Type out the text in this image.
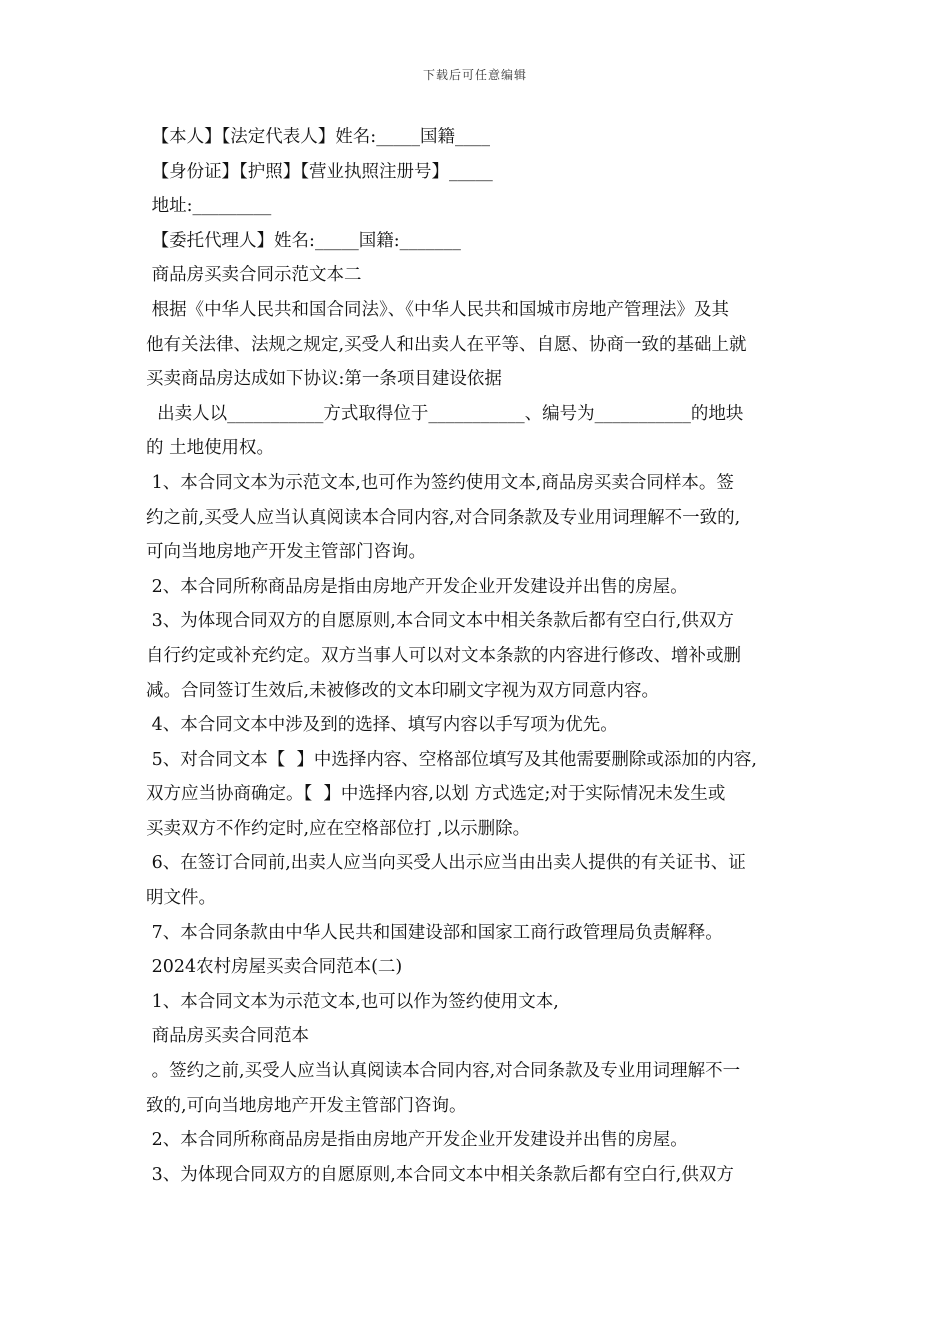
下载后可任意编辑
【本人】【法定代表人】姓名:_____国籍____
【身份证】【护照】【营业执照注册号】_____
地址:_________
【委托代理人】姓名:_____国籍:_______
商品房买卖合同示范文本二
根据《中华人民共和国合同法》、《中华人民共和国城市房地产管理法》及其
他有关法律、法规之规定,买受人和出卖人在平等、自愿、协商一致的基础上就
买卖商品房达成如下协议:第一条项目建设依据
出卖人以___________方式取得位于___________、编号为___________的地块
的 土地使用权。
1、本合同文本为示范文本,也可作为签约使用文本,商品房买卖合同样本。签
约之前,买受人应当认真阅读本合同内容,对合同条款及专业用词理解不一致的,
可向当地房地产开发主管部门咨询。
2、本合同所称商品房是指由房地产开发企业开发建设并出售的房屋。
3、为体现合同双方的自愿原则,本合同文本中相关条款后都有空白行,供双方
自行约定或补充约定。双方当事人可以对文本条款的内容进行修改、增补或删
减。合同签订生效后,未被修改的文本印刷文字视为双方同意内容。
4、本合同文本中涉及到的选择、填写内容以手写项为优先。
5、对合同文本【  】中选择内容、空格部位填写及其他需要删除或添加的内容,
双方应当协商确定。【  】中选择内容,以划 方式选定;对于实际情况未发生或
买卖双方不作约定时,应在空格部位打 ,以示删除。
6、在签订合同前,出卖人应当向买受人出示应当由出卖人提供的有关证书、证
明文件。
7、本合同条款由中华人民共和国建设部和国家工商行政管理局负责解释。
2024农村房屋买卖合同范本(二)
1、本合同文本为示范文本,也可以作为签约使用文本,
商品房买卖合同范本
。签约之前,买受人应当认真阅读本合同内容,对合同条款及专业用词理解不一
致的,可向当地房地产开发主管部门咨询。
2、本合同所称商品房是指由房地产开发企业开发建设并出售的房屋。
3、为体现合同双方的自愿原则,本合同文本中相关条款后都有空白行,供双方
